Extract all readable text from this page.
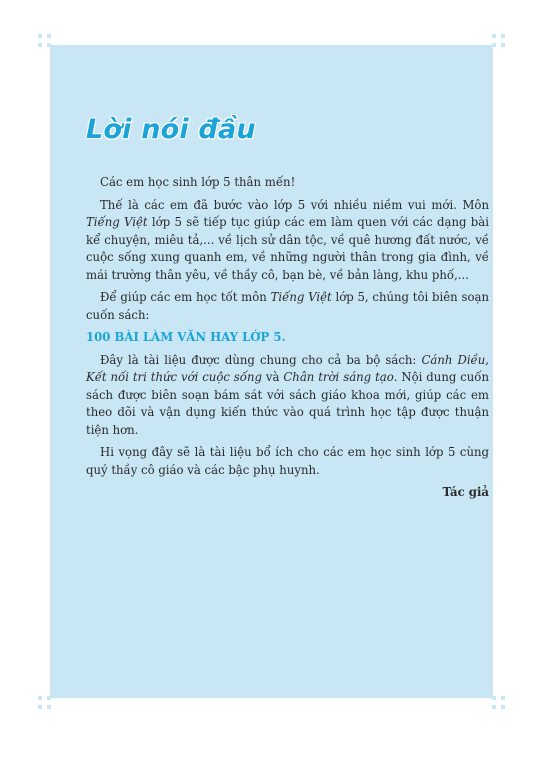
Lời nói đầu

Các em học sinh lớp 5 thân mến!

Thế là các em đã bước vào lớp 5 với nhiều niềm vui mới. Môn Tiếng Việt lớp 5 sẽ tiếp tục giúp các em làm quen với các dạng bài kể chuyện, miêu tả,... về lịch sử dân tộc, về quê hương đất nước, về cuộc sống xung quanh em, về những người thân trong gia đình, về mái trường thân yêu, về thầy cô, bạn bè, về bản làng, khu phố,...

Để giúp các em học tốt môn Tiếng Việt lớp 5, chúng tôi biên soạn cuốn sách:

100 BÀI LÀM VĂN HAY LỚP 5.

Đây là tài liệu được dùng chung cho cả ba bộ sách: Cánh Diều, Kết nối tri thức với cuộc sống và Chân trời sáng tạo. Nội dung cuốn sách được biên soạn bám sát với sách giáo khoa mới, giúp các em theo dõi và vận dụng kiến thức vào quá trình học tập được thuận tiện hơn.

Hi vọng đây sẽ là tài liệu bổ ích cho các em học sinh lớp 5 cùng quý thầy cô giáo và các bậc phụ huynh.

Tác giả
